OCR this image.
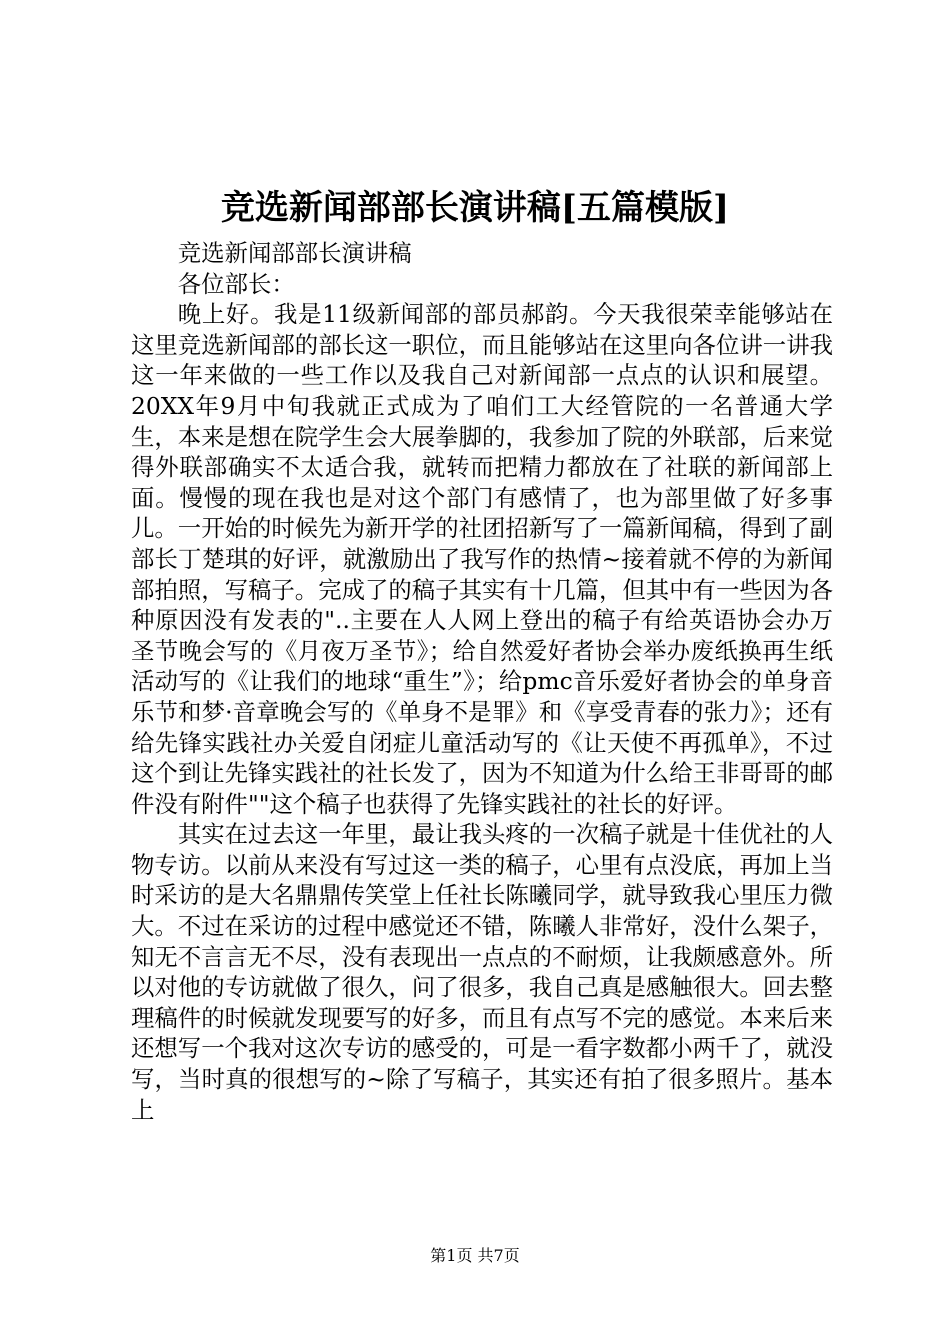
竞选新闻部部长演讲稿[五篇模版]

竞选新闻部部长演讲稿

各位部长：

晚上好。我是11级新闻部的部员郝韵。今天我很荣幸能够站在这里竞选新闻部的部长这一职位，而且能够站在这里向各位讲一讲我这一年来做的一些工作以及我自己对新闻部一点点的认识和展望。20XX年9月中旬我就正式成为了咱们工大经管院的一名普通大学生，本来是想在院学生会大展拳脚的，我参加了院的外联部，后来觉得外联部确实不太适合我，就转而把精力都放在了社联的新闻部上面。慢慢的现在我也是对这个部门有感情了，也为部里做了好多事儿。一开始的时候先为新开学的社团招新写了一篇新闻稿，得到了副部长丁楚琪的好评，就激励出了我写作的热情~接着就不停的为新闻部拍照，写稿子。完成了的稿子其实有十几篇，但其中有一些因为各种原因没有发表的"..主要在人人网上登出的稿子有给英语协会办万圣节晚会写的《月夜万圣节》；给自然爱好者协会举办废纸换再生纸活动写的《让我们的地球“重生”》；给pmc音乐爱好者协会的单身音乐节和梦·音章晚会写的《单身不是罪》和《享受青春的张力》；还有给先锋实践社办关爱自闭症儿童活动写的《让天使不再孤单》，不过这个到让先锋实践社的社长发了，因为不知道为什么给王非哥哥的邮件没有附件""这个稿子也获得了先锋实践社的社长的好评。

其实在过去这一年里，最让我头疼的一次稿子就是十佳优社的人物专访。以前从来没有写过这一类的稿子，心里有点没底，再加上当时采访的是大名鼎鼎传笑堂上任社长陈曦同学，就导致我心里压力微大。不过在采访的过程中感觉还不错，陈曦人非常好，没什么架子，知无不言言无不尽，没有表现出一点点的不耐烦，让我颇感意外。所以对他的专访就做了很久，问了很多，我自己真是感触很大。回去整理稿件的时候就发现要写的好多，而且有点写不完的感觉。本来后来还想写一个我对这次专访的感受的，可是一看字数都小两千了，就没写，当时真的很想写的~除了写稿子，其实还有拍了很多照片。基本上

第1页 共7页
